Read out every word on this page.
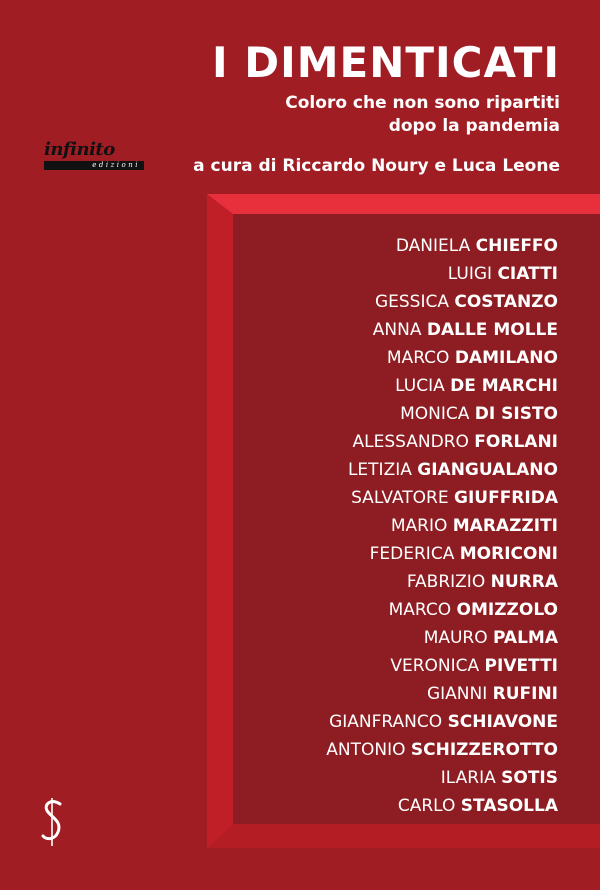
I DIMENTICATI
Coloro che non sono ripartiti
dopo la pandemia
a cura di Riccardo Noury e Luca Leone
infinito
edizioni
DANIELA CHIEFFO
LUIGI CIATTI
GESSICA COSTANZO
ANNA DALLE MOLLE
MARCO DAMILANO
LUCIA DE MARCHI
MONICA DI SISTO
ALESSANDRO FORLANI
LETIZIA GIANGUALANO
SALVATORE GIUFFRIDA
MARIO MARAZZITI
FEDERICA MORICONI
FABRIZIO NURRA
MARCO OMIZZOLO
MAURO PALMA
VERONICA PIVETTI
GIANNI RUFINI
GIANFRANCO SCHIAVONE
ANTONIO SCHIZZEROTTO
ILARIA SOTIS
CARLO STASOLLA
